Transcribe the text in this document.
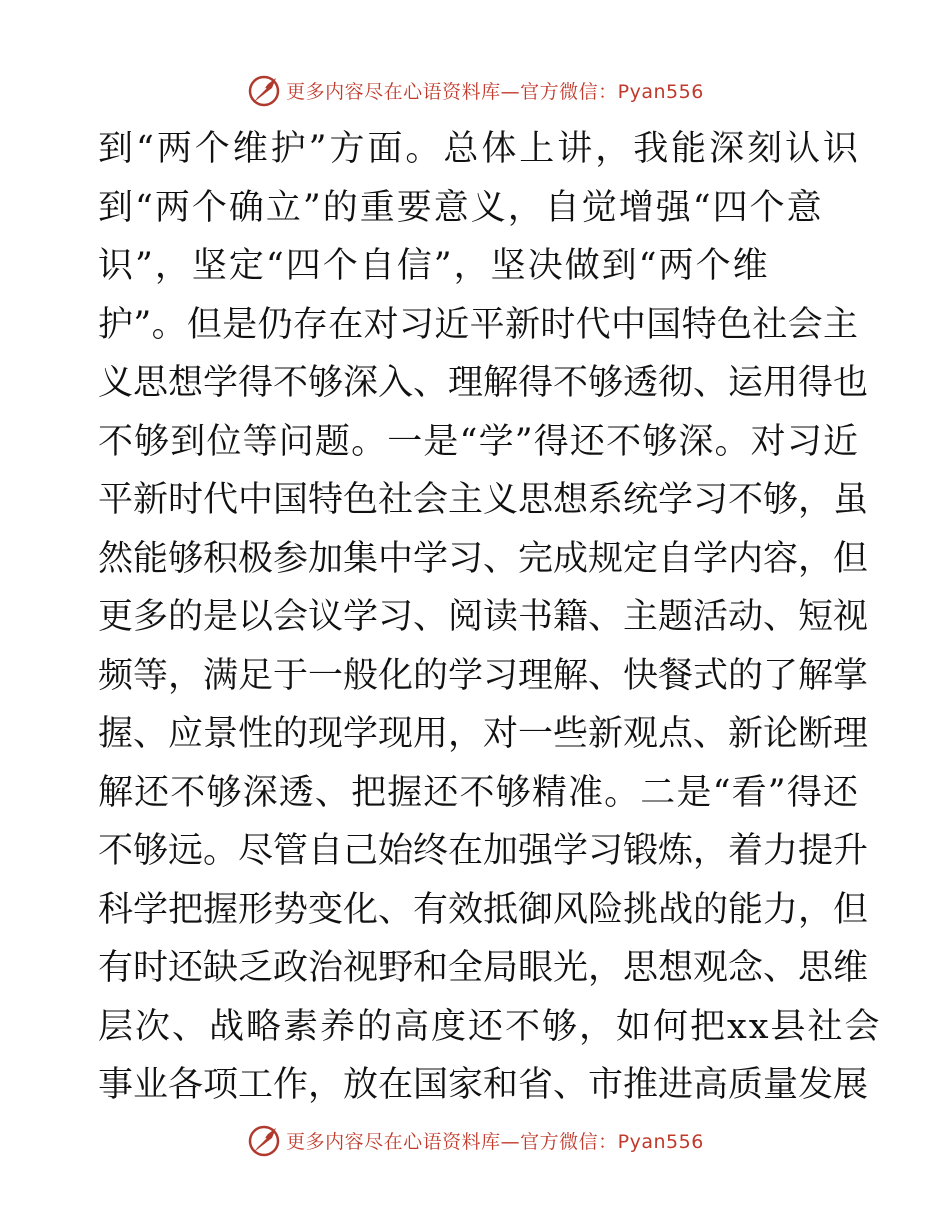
更多内容尽在心语资料库—官方微信：Pyan556
到“两个维护”方面。总体上讲，我能深刻认识
到“两个确立”的重要意义，自觉增强“四个意
识”，坚定“四个自信”，坚决做到“两个维
护”。但是仍存在对习近平新时代中国特色社会主
义思想学得不够深入、理解得不够透彻、运用得也
不够到位等问题。一是“学”得还不够深。对习近
平新时代中国特色社会主义思想系统学习不够，虽
然能够积极参加集中学习、完成规定自学内容，但
更多的是以会议学习、阅读书籍、主题活动、短视
频等，满足于一般化的学习理解、快餐式的了解掌
握、应景性的现学现用，对一些新观点、新论断理
解还不够深透、把握还不够精准。二是“看”得还
不够远。尽管自己始终在加强学习锻炼，着力提升
科学把握形势变化、有效抵御风险挑战的能力，但
有时还缺乏政治视野和全局眼光，思想观念、思维
层次、战略素养的高度还不够，如何把xx县社会
事业各项工作，放在国家和省、市推进高质量发展
更多内容尽在心语资料库—官方微信：Pyan556
